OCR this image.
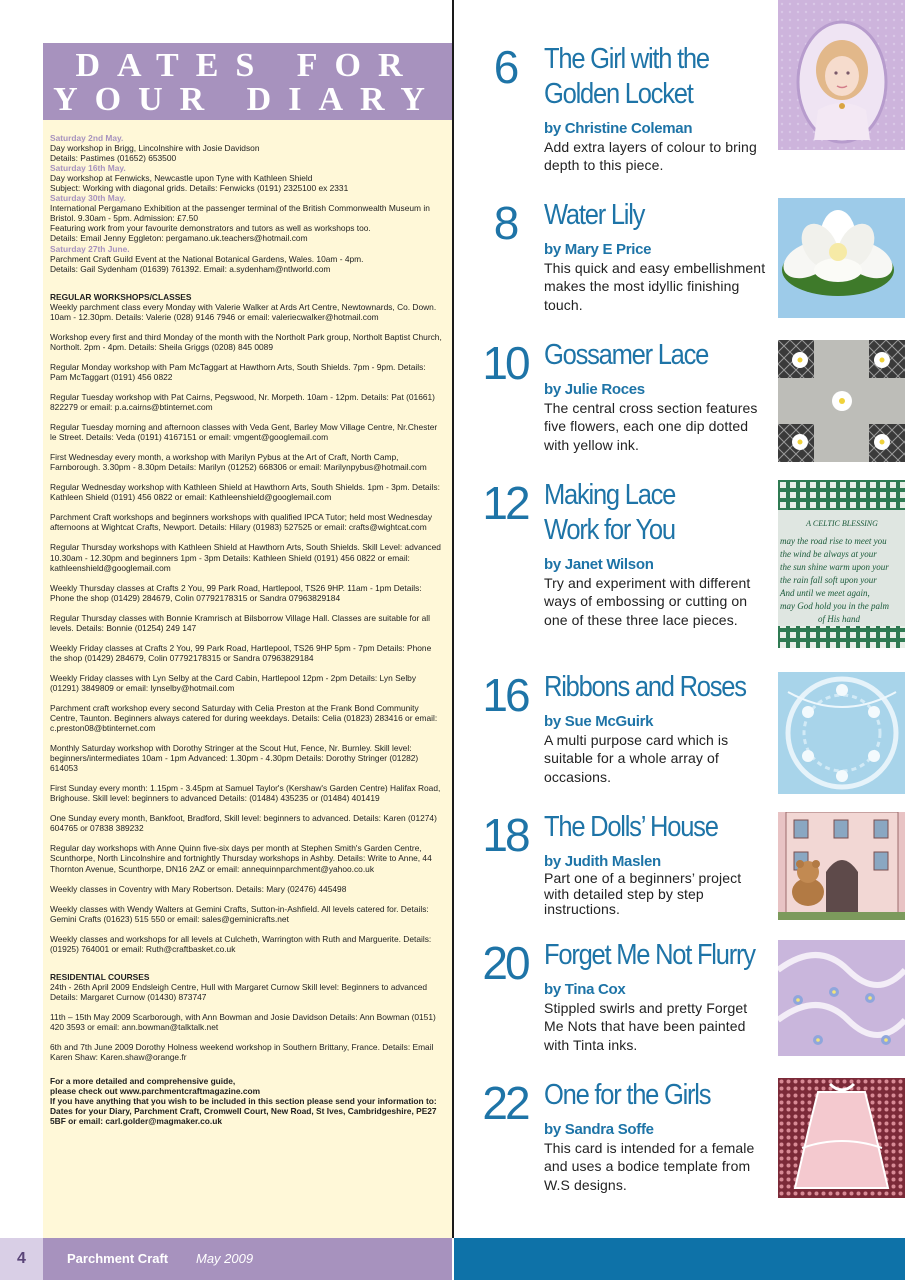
DATES FOR
YOUR DIARY

Saturday 2nd May.
Day workshop in Brigg, Lincolnshire with Josie Davidson
Details: Pastimes (01652) 653500
Saturday 16th May.
Day workshop at Fenwicks, Newcastle upon Tyne with Kathleen Shield
Subject: Working with diagonal grids. Details: Fenwicks (0191) 2325100 ex 2331
Saturday 30th May.
International Pergamano Exhibition at the passenger terminal of the British Commonwealth Museum in Bristol. 9.30am - 5pm. Admission: £7.50
Featuring work from your favourite demonstrators and tutors as well as workshops too.
Details: Email Jenny Eggleton: pergamano.uk.teachers@hotmail.com
Saturday 27th June.
Parchment Craft Guild Event at the National Botanical Gardens, Wales. 10am - 4pm.
Details: Gail Sydenham (01639) 761392. Email: a.sydenham@ntlworld.com

REGULAR WORKSHOPS/CLASSES
Weekly parchment class every Monday with Valerie Walker at Ards Art Centre, Newtownards, Co. Down. 10am - 12.30pm. Details: Valerie (028) 9146 7946 or email: valeriecwalker@hotmail.com

Workshop every first and third Monday of the month with the Northolt Park group, Northolt Baptist Church, Northolt. 2pm - 4pm. Details: Sheila Griggs (0208) 845 0089

Regular Monday workshop with Pam McTaggart at Hawthorn Arts, South Shields. 7pm - 9pm. Details: Pam McTaggart (0191) 456 0822

Regular Tuesday workshop with Pat Cairns, Pegswood, Nr. Morpeth. 10am - 12pm. Details: Pat (01661) 822279 or email: p.a.cairns@btinternet.com

Regular Tuesday morning and afternoon classes with Veda Gent, Barley Mow Village Centre, Nr.Chester le Street. Details: Veda (0191) 4167151 or email: vmgent@googlemail.com

First Wednesday every month, a workshop with Marilyn Pybus at the Art of Craft, North Camp, Farnborough. 3.30pm - 8.30pm Details: Marilyn (01252) 668306 or email: Marilynpybus@hotmail.com

Regular Wednesday workshop with Kathleen Shield at Hawthorn Arts, South Shields. 1pm - 3pm. Details: Kathleen Shield (0191) 456 0822 or email: Kathleenshield@googlemail.com

Parchment Craft workshops and beginners workshops with qualified IPCA Tutor; held most Wednesday afternoons at Wightcat Crafts, Newport. Details: Hilary (01983) 527525 or email: crafts@wightcat.com

Regular Thursday workshops with Kathleen Shield at Hawthorn Arts, South Shields. Skill Level: advanced 10.30am - 12.30pm and beginners 1pm - 3pm Details: Kathleen Shield (0191) 456 0822 or email: kathleenshield@googlemail.com

Weekly Thursday classes at Crafts 2 You, 99 Park Road, Hartlepool, TS26 9HP. 11am - 1pm Details: Phone the shop (01429) 284679, Colin 07792178315 or Sandra 07963829184

Regular Thursday classes with Bonnie Kramrisch at Bilsborrow Village Hall. Classes are suitable for all levels. Details: Bonnie (01254) 249 147

Weekly Friday classes at Crafts 2 You, 99 Park Road, Hartlepool, TS26 9HP 5pm - 7pm Details: Phone the shop (01429) 284679, Colin 07792178315 or Sandra 07963829184

Weekly Friday classes with Lyn Selby at the Card Cabin, Hartlepool 12pm - 2pm Details: Lyn Selby (01291) 3849809 or email: lynselby@hotmail.com

Parchment craft workshop every second Saturday with Celia Preston at the Frank Bond Community Centre, Taunton. Beginners always catered for during weekdays. Details: Celia (01823) 283416 or email: c.preston08@btinternet.com

Monthly Saturday workshop with Dorothy Stringer at the Scout Hut, Fence, Nr. Burnley. Skill level: beginners/intermediates 10am - 1pm Advanced: 1.30pm - 4.30pm Details: Dorothy Stringer (01282) 614053

First Sunday every month: 1.15pm - 3.45pm at Samuel Taylor's (Kershaw's Garden Centre) Halifax Road, Brighouse. Skill level: beginners to advanced Details: (01484) 435235 or (01484) 401419

One Sunday every month, Bankfoot, Bradford, Skill level: beginners to advanced. Details: Karen (01274) 604765 or 07838 389232

Regular day workshops with Anne Quinn five-six days per month at Stephen Smith's Garden Centre, Scunthorpe, North Lincolnshire and fortnightly Thursday workshops in Ashby. Details: Write to Anne, 44 Thornton Avenue, Scunthorpe, DN16 2AZ or email: annequinnparchment@yahoo.co.uk

Weekly classes in Coventry with Mary Robertson. Details: Mary (02476) 445498

Weekly classes with Wendy Walters at Gemini Crafts, Sutton-in-Ashfield. All levels catered for. Details: Gemini Crafts (01623) 515 550 or email: sales@geminicrafts.net

Weekly classes and workshops for all levels at Culcheth, Warrington with Ruth and Marguerite. Details: (01925) 764001 or email: Ruth@craftbasket.co.uk

RESIDENTIAL COURSES
24th - 26th April 2009 Endsleigh Centre, Hull with Margaret Curnow Skill level: Beginners to advanced Details: Margaret Curnow (01430) 873747

11th – 15th May 2009 Scarborough, with Ann Bowman and Josie Davidson Details: Ann Bowman (0151) 420 3593 or email: ann.bowman@talktalk.net

6th and 7th June 2009 Dorothy Holness weekend workshop in Southern Brittany, France. Details: Email Karen Shaw: Karen.shaw@orange.fr

For a more detailed and comprehensive guide,
please check out www.parchmentcraftmagazine.com
If you have anything that you wish to be included in this section please send your information to: Dates for your Diary, Parchment Craft, Cromwell Court, New Road, St Ives, Cambridgeshire, PE27 5BF or email: carl.golder@magmaker.co.uk

4	Parchment Craft May 2009
6 The Girl with the
Golden Locket
by Christine Coleman
Add extra layers of colour to bring depth to this piece.
8 Water Lily
by Mary E Price
This quick and easy embellishment makes the most idyllic finishing touch.
10 Gossamer Lace
by Julie Roces
The central cross section features five flowers, each one dip dotted with yellow ink.
12 Making Lace
Work for You
by Janet Wilson
Try and experiment with different ways of embossing or cutting on one of these three lace pieces.
16 Ribbons and Roses
by Sue McGuirk
A multi purpose card which is suitable for a whole array of occasions.
18 The Dolls’ House
by Judith Maslen
Part one of a beginners’ project with detailed step by step instructions.
20 Forget Me Not Flurry
by Tina Cox
Stippled swirls and pretty Forget Me Nots that have been painted with Tinta inks.
22 One for the Girls
by Sandra Soffe
This card is intended for a female and uses a bodice template from W.S designs.
A CELTIC BLESSING
may the road rise to meet you
the wind be always at your
the sun shine warm upon your
the rain fall soft upon your
And until we meet again,
may God hold you in the palm
of His hand
